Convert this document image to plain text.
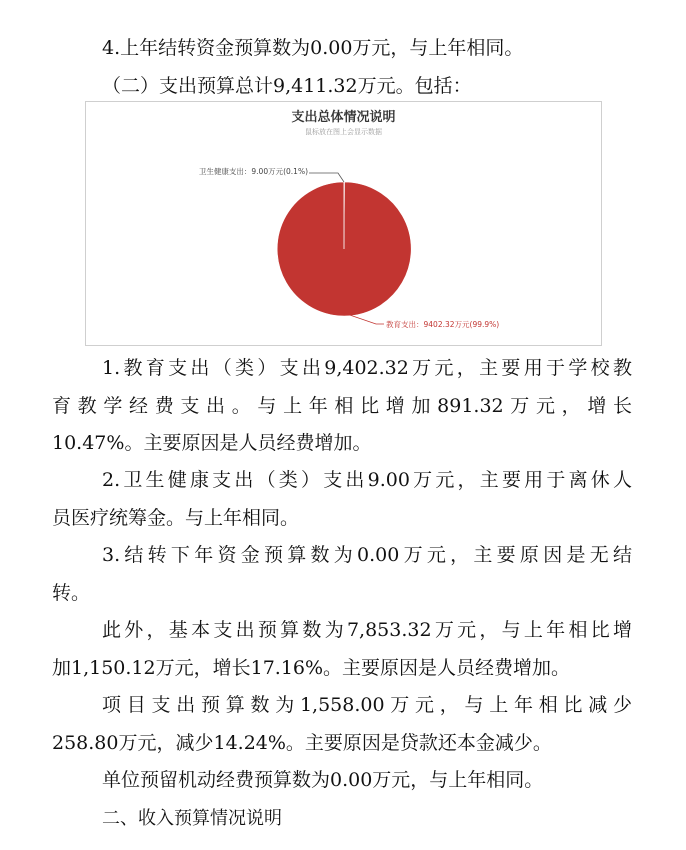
4.上年结转资金预算数为0.00万元，与上年相同。

（二）支出预算总计9,411.32万元。包括：

支出总体情况说明
鼠标放在图上会显示数据
卫生健康支出：9.00万元(0.1%)
教育支出：9402.32万元(99.9%)

1.教育支出（类）支出9,402.32万元，主要用于学校教

育教学经费支出。与上年相比增加891.32万元，增长

10.47%。主要原因是人员经费增加。

2.卫生健康支出（类）支出9.00万元，主要用于离休人

员医疗统筹金。与上年相同。

3.结转下年资金预算数为0.00万元，主要原因是无结

转。

此外，基本支出预算数为7,853.32万元，与上年相比增

加1,150.12万元，增长17.16%。主要原因是人员经费增加。

项目支出预算数为1,558.00万元，与上年相比减少

258.80万元，减少14.24%。主要原因是贷款还本金减少。

单位预留机动经费预算数为0.00万元，与上年相同。

二、收入预算情况说明
